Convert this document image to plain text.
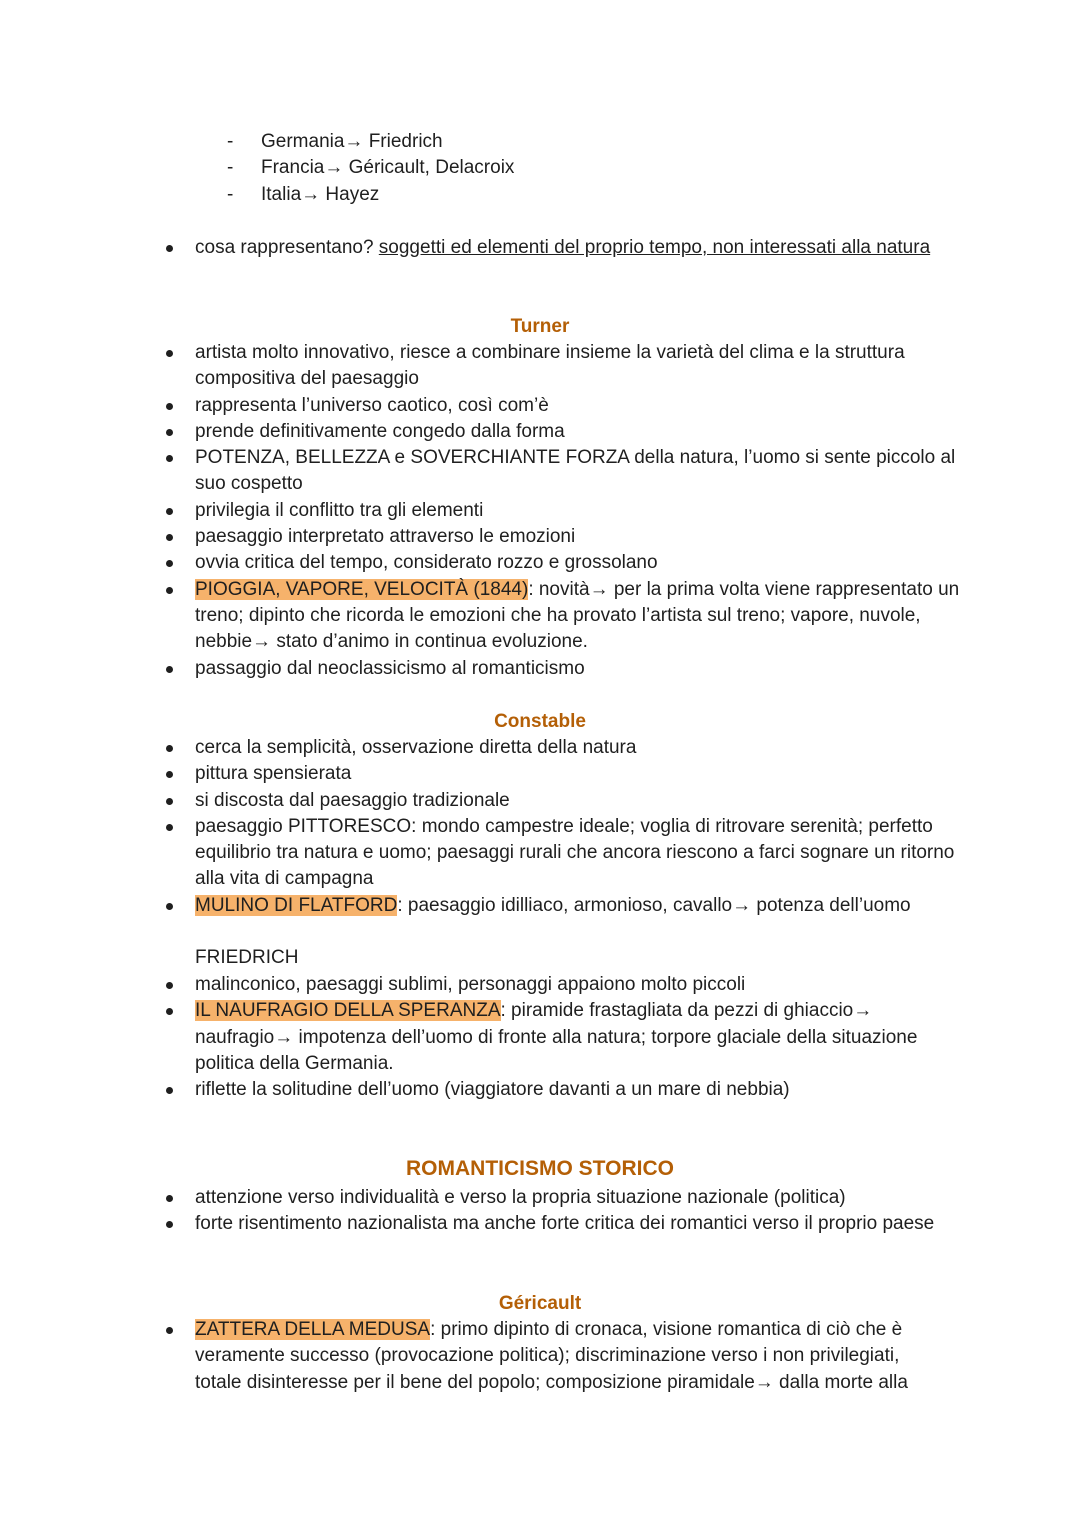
- Germania→ Friedrich
- Francia→ Géricault, Delacroix
- Italia→ Hayez
cosa rappresentano? soggetti ed elementi del proprio tempo, non interessati alla natura
Turner
artista molto innovativo, riesce a combinare insieme la varietà del clima e la struttura compositiva del paesaggio
rappresenta l’universo caotico, così com’è
prende definitivamente congedo dalla forma
POTENZA, BELLEZZA e SOVERCHIANTE FORZA della natura, l’uomo si sente piccolo al suo cospetto
privilegia il conflitto tra gli elementi
paesaggio interpretato attraverso le emozioni
ovvia critica del tempo, considerato rozzo e grossolano
PIOGGIA, VAPORE, VELOCITÀ (1844): novità→ per la prima volta viene rappresentato un treno; dipinto che ricorda le emozioni che ha provato l’artista sul treno; vapore, nuvole, nebbie→ stato d’animo in continua evoluzione.
passaggio dal neoclassicismo al romanticismo
Constable
cerca la semplicità, osservazione diretta della natura
pittura spensierata
si discosta dal paesaggio tradizionale
paesaggio PITTORESCO: mondo campestre ideale; voglia di ritrovare serenità; perfetto equilibrio tra natura e uomo; paesaggi rurali che ancora riescono a farci sognare un ritorno alla vita di campagna
MULINO DI FLATFORD: paesaggio idilliaco, armonioso, cavallo→ potenza dell’uomo
FRIEDRICH
malinconico, paesaggi sublimi, personaggi appaiono molto piccoli
IL NAUFRAGIO DELLA SPERANZA: piramide frastagliata da pezzi di ghiaccio→ naufragio→ impotenza dell’uomo di fronte alla natura; torpore glaciale della situazione politica della Germania.
riflette la solitudine dell’uomo (viaggiatore davanti a un mare di nebbia)
ROMANTICISMO STORICO
attenzione verso individualità e verso la propria situazione nazionale (politica)
forte risentimento nazionalista ma anche forte critica dei romantici verso il proprio paese
Géricault
ZATTERA DELLA MEDUSA: primo dipinto di cronaca, visione romantica di ciò che è veramente successo (provocazione politica); discriminazione verso i non privilegiati, totale disinteresse per il bene del popolo; composizione piramidale→ dalla morte alla
